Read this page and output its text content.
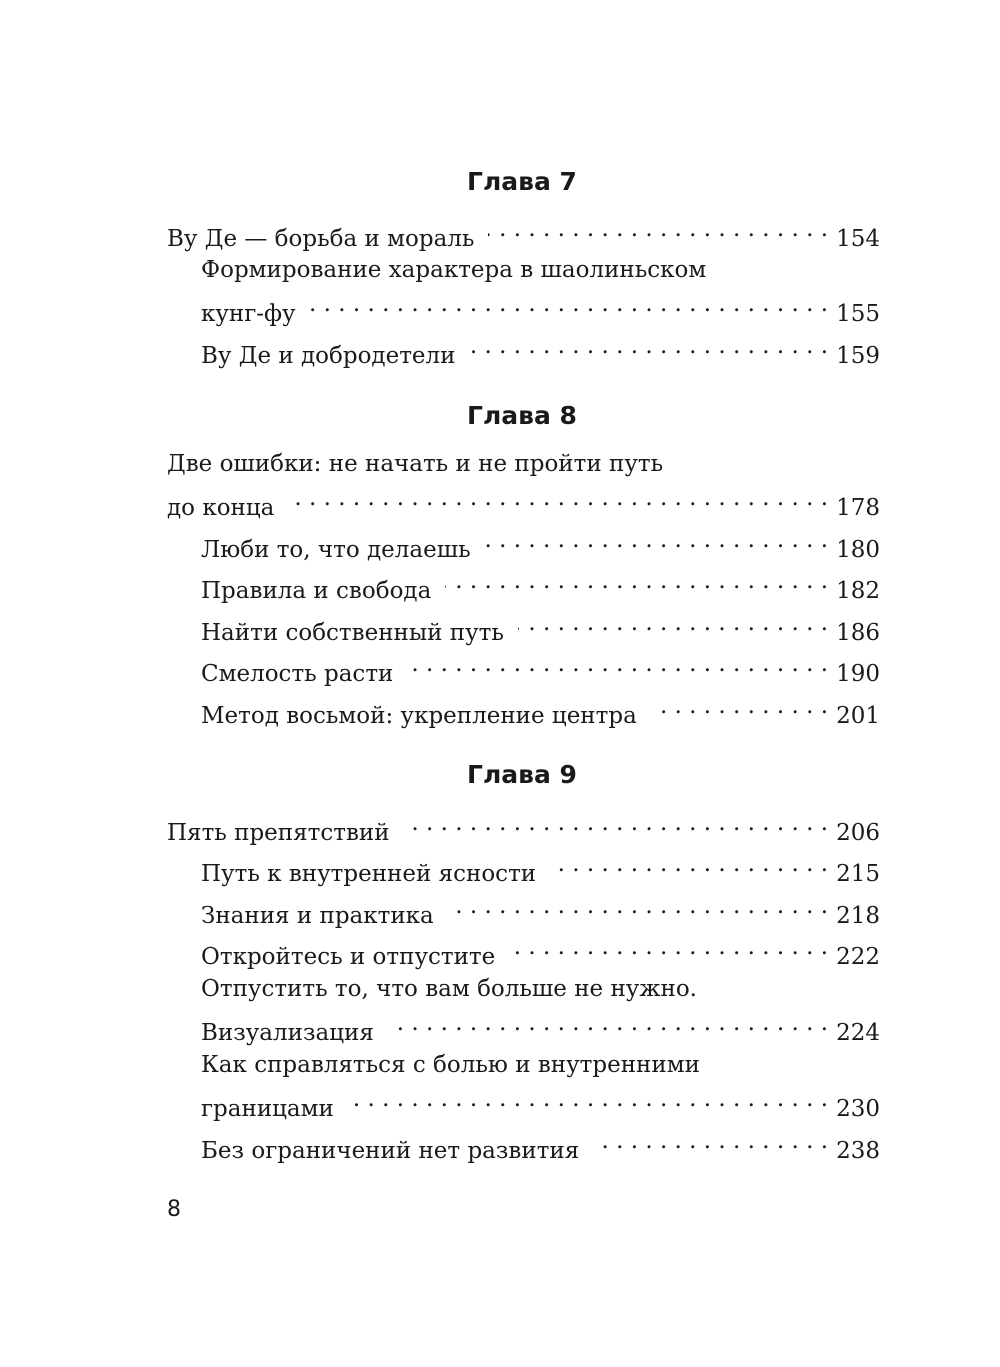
Глава 7
Ву Де — борьба и мораль . . .	154
Формирование характера в шаолиньском
кунг-фу . . .	155
Ву Де и добродетели . . .	159
Глава 8
Две ошибки: не начать и не пройти путь
до конца . . .	178
Люби то, что делаешь . . .	180
Правила и свобода . . .	182
Найти собственный путь . . .	186
Смелость расти . . .	190
Метод восьмой: укрепление центра . . .	201
Глава 9
Пять препятствий . . .	206
Путь к внутренней ясности . . .	215
Знания и практика . . .	218
Откройтесь и отпустите . . .	222
Отпустить то, что вам больше не нужно.
Визуализация . . .	224
Как справляться с болью и внутренними
границами . . .	230
Без ограничений нет развития . . .	238
8
